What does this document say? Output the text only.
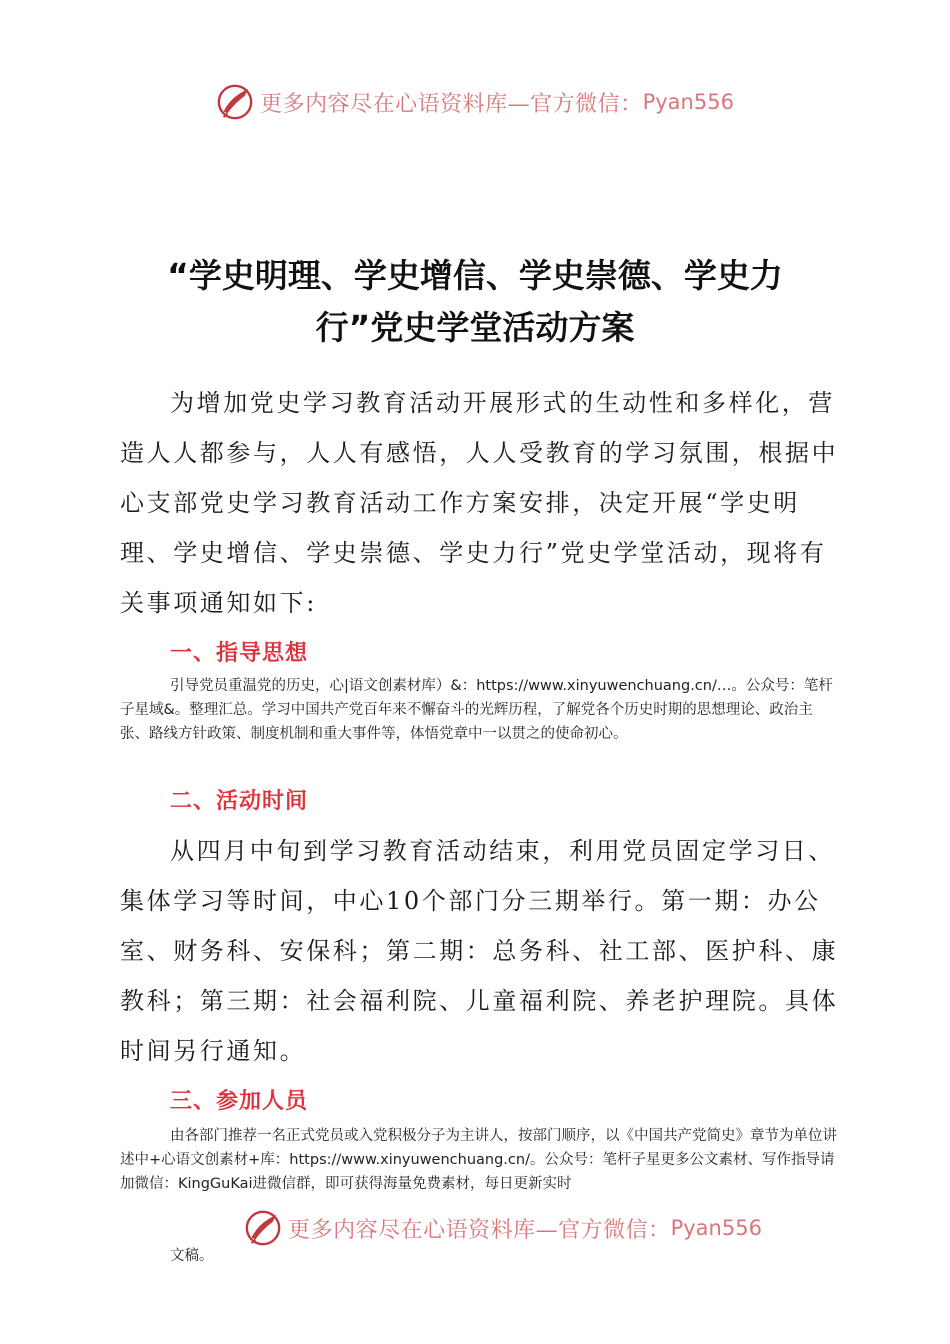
更多内容尽在心语资料库—官方微信： Pyan556
“学史明理、学史增信、学史崇德、学史力
行”党史学堂活动方案

为增加党史学习教育活动开展形式的生动性和多样化，营造人人都参与，人人有感悟，人人受教育的学习氛围，根据中心支部党史学习教育活动工作方案安排，决定开展“学史明理、学史增信、学史崇德、学史力行”党史学堂活动，现将有关事项通知如下:

一、指导思想

引导党员重温党的历史，心|语文创素材库）&：https://www.xinyuwenchuang.cn/…。公众号：笔杆子星域&。整理汇总。学习中国共产党百年来不懈奋斗的光辉历程，了解党各个历史时期的思想理论、政治主张、路线方针政策、制度机制和重大事件等，体悟党章中一以贯之的使命初心。

二、活动时间

从四月中旬到学习教育活动结束，利用党员固定学习日、集体学习等时间，中心10个部门分三期举行。第一期：办公室、财务科、安保科；第二期：总务科、社工部、医护科、康教科；第三期：社会福利院、儿童福利院、养老护理院。具体时间另行通知。

三、参加人员

由各部门推荐一名正式党员或入党积极分子为主讲人，按部门顺序，以《中国共产党简史》章节为单位讲述中+心语文创素材+库：https://www.xinyuwenchuang.cn/。公众号：笔杆子星更多公文素材、写作指导请加微信：KingGuKai进微信群，即可获得海量免费素材，每日更新实时

更多内容尽在心语资料库—官方微信： Pyan556

文稿。
